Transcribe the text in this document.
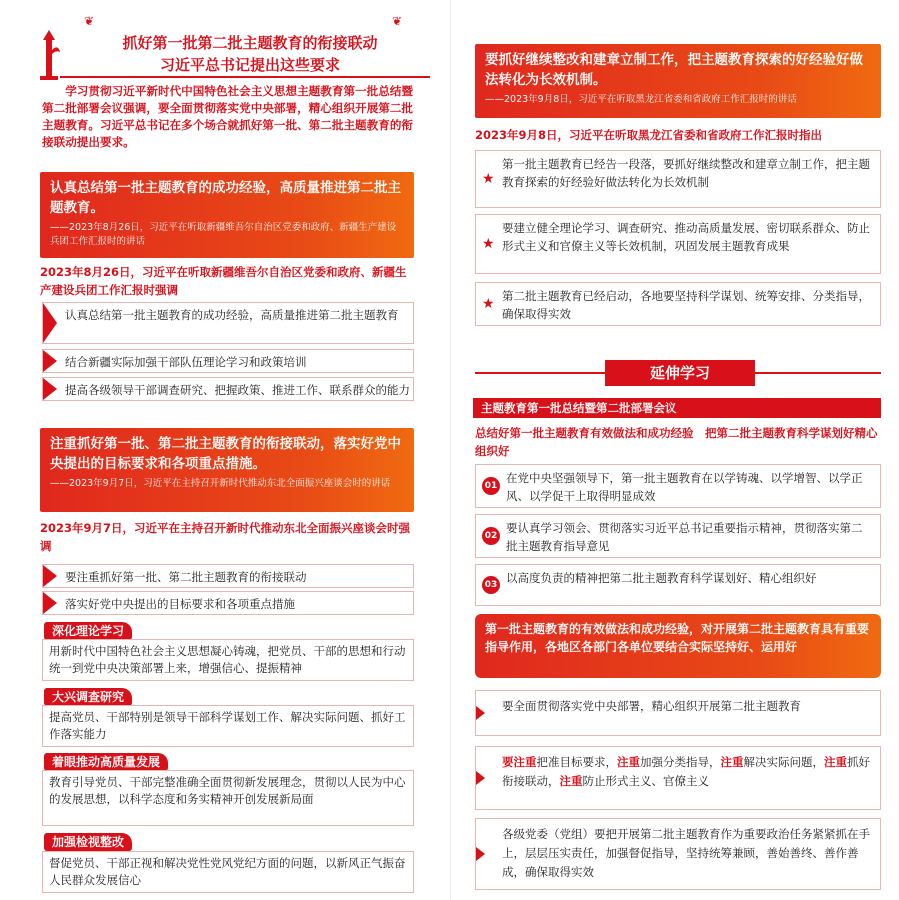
❦	❦
抓好第一批第二批主题教育的衔接联动
习近平总书记提出这些要求
学习贯彻习近平新时代中国特色社会主义思想主题教育第一批总结暨第二批部署会议强调，要全面贯彻落实党中央部署，精心组织开展第二批主题教育。习近平总书记在多个场合就抓好第一批、第二批主题教育的衔接联动提出要求。
认真总结第一批主题教育的成功经验，高质量推进第二批主题教育。
——2023年8月26日，习近平在听取新疆维吾尔自治区党委和政府、新疆生产建设兵团工作汇报时的讲话
2023年8月26日，习近平在听取新疆维吾尔自治区党委和政府、新疆生产建设兵团工作汇报时强调
认真总结第一批主题教育的成功经验，高质量推进第二批主题教育
结合新疆实际加强干部队伍理论学习和政策培训
提高各级领导干部调查研究、把握政策、推进工作、联系群众的能力
注重抓好第一批、第二批主题教育的衔接联动，落实好党中央提出的目标要求和各项重点措施。
——2023年9月7日，习近平在主持召开新时代推动东北全面振兴座谈会时的讲话
2023年9月7日，习近平在主持召开新时代推动东北全面振兴座谈会时强调
要注重抓好第一批、第二批主题教育的衔接联动
落实好党中央提出的目标要求和各项重点措施
深化理论学习
用新时代中国特色社会主义思想凝心铸魂，把党员、干部的思想和行动统一到党中央决策部署上来，增强信心、提振精神
大兴调查研究
提高党员、干部特别是领导干部科学谋划工作、解决实际问题、抓好工作落实能力
着眼推动高质量发展
教育引导党员、干部完整准确全面贯彻新发展理念，贯彻以人民为中心的发展思想，以科学态度和务实精神开创发展新局面
加强检视整改
督促党员、干部正视和解决党性党风党纪方面的问题，以新风正气振奋人民群众发展信心
要抓好继续整改和建章立制工作，把主题教育探索的好经验好做法转化为长效机制。
——2023年9月8日，习近平在听取黑龙江省委和省政府工作汇报时的讲话
2023年9月8日，习近平在听取黑龙江省委和省政府工作汇报时指出
★
第一批主题教育已经告一段落，要抓好继续整改和建章立制工作，把主题教育探索的好经验好做法转化为长效机制
★
要建立健全理论学习、调查研究、推动高质量发展、密切联系群众、防止形式主义和官僚主义等长效机制，巩固发展主题教育成果
★ 第二批主题教育已经启动，各地要坚持科学谋划、统筹安排、分类指导，确保取得实效
延伸学习
主题教育第一批总结暨第二批部署会议
总结好第一批主题教育有效做法和成功经验　把第二批主题教育科学谋划好精心组织好
01
在党中央坚强领导下，第一批主题教育在以学铸魂、以学增智、以学正风、以学促干上取得明显成效
02
要认真学习领会、贯彻落实习近平总书记重要指示精神，贯彻落实第二批主题教育指导意见
03 以高度负责的精神把第二批主题教育科学谋划好、精心组织好
第一批主题教育的有效做法和成功经验，对开展第二批主题教育具有重要指导作用，各地区各部门各单位要结合实际坚持好、运用好
要全面贯彻落实党中央部署，精心组织开展第二批主题教育
要注重把准目标要求，注重加强分类指导，注重解决实际问题，注重抓好衔接联动，注重防止形式主义、官僚主义
各级党委（党组）要把开展第二批主题教育作为重要政治任务紧紧抓在手上，层层压实责任，加强督促指导，坚持统筹兼顾，善始善终、善作善成，确保取得实效
